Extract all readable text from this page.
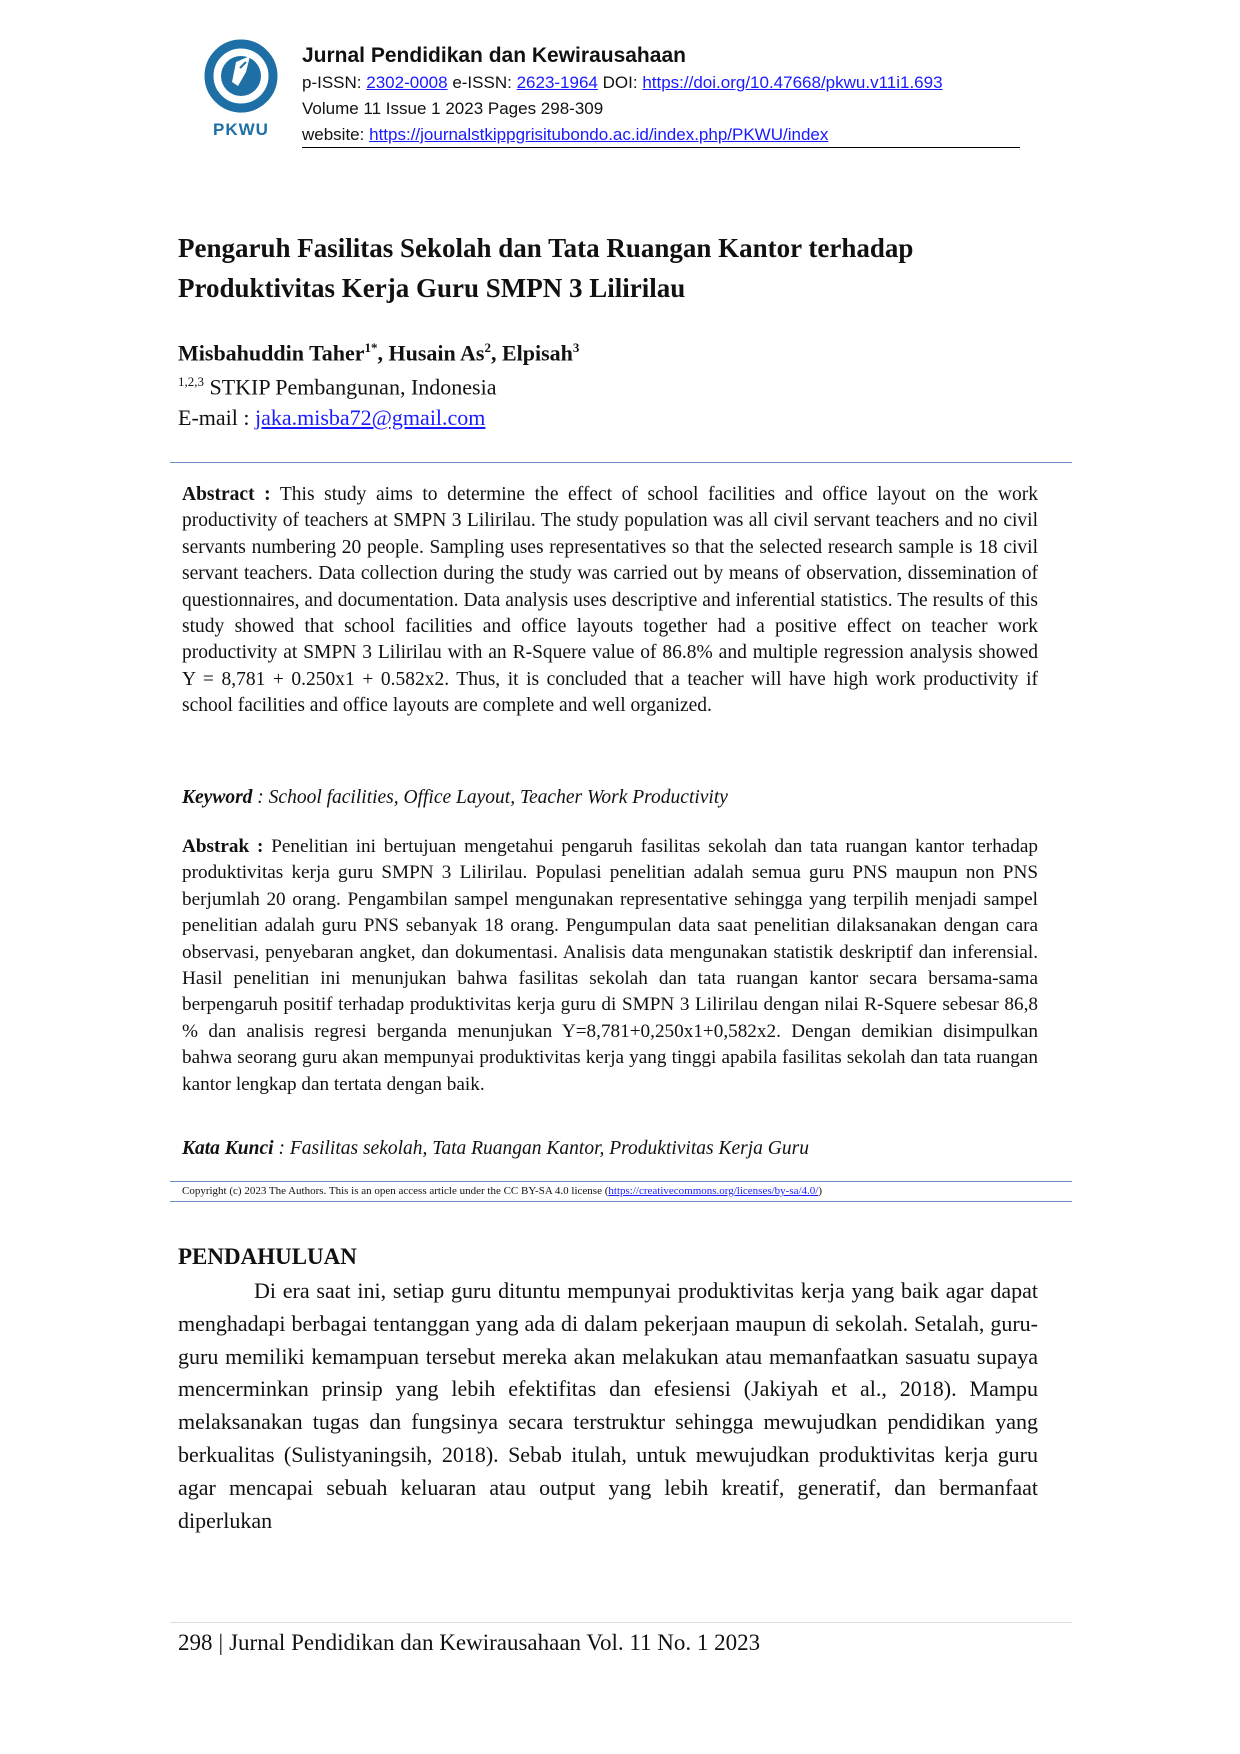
PKWU
Jurnal Pendidikan dan Kewirausahaan
p-ISSN: 2302-0008 e-ISSN: 2623-1964 DOI: https://doi.org/10.47668/pkwu.v11i1.693
Volume 11 Issue 1 2023 Pages 298-309
website: https://journalstkippgrisitubondo.ac.id/index.php/PKWU/index
Pengaruh Fasilitas Sekolah dan Tata Ruangan Kantor terhadap
Produktivitas Kerja Guru SMPN 3 Lilirilau
Misbahuddin Taher$^{1*}$, Husain As$^2$, Elpisah$^3$
$^{1,2,3}$ STKIP Pembangunan, Indonesia
E-mail : jaka.misba72@gmail.com
Abstract : This study aims to determine the effect of school facilities and office layout on the work productivity of teachers at SMPN 3 Lilirilau. The study population was all civil servant teachers and no civil servants numbering 20 people. Sampling uses representatives so that the selected research sample is 18 civil servant teachers. Data collection during the study was carried out by means of observation, dissemination of questionnaires, and documentation. Data analysis uses descriptive and inferential statistics. The results of this study showed that school facilities and office layouts together had a positive effect on teacher work productivity at SMPN 3 Lilirilau with an R-Squere value of 86.8% and multiple regression analysis showed Y = 8,781 + 0.250x1 + 0.582x2. Thus, it is concluded that a teacher will have high work productivity if school facilities and office layouts are complete and well organized.
Keyword : School facilities, Office Layout, Teacher Work Productivity
Abstrak : Penelitian ini bertujuan mengetahui pengaruh fasilitas sekolah dan tata ruangan kantor terhadap produktivitas kerja guru SMPN 3 Lilirilau. Populasi penelitian adalah semua guru PNS maupun non PNS berjumlah 20 orang. Pengambilan sampel mengunakan representative sehingga yang terpilih menjadi sampel penelitian adalah guru PNS sebanyak 18 orang. Pengumpulan data saat penelitian dilaksanakan dengan cara observasi, penyebaran angket, dan dokumentasi. Analisis data mengunakan statistik deskriptif dan inferensial. Hasil penelitian ini menunjukan bahwa fasilitas sekolah dan tata ruangan kantor secara bersama-sama berpengaruh positif terhadap produktivitas kerja guru di SMPN 3 Lilirilau dengan nilai R-Squere sebesar 86,8 % dan analisis regresi berganda menunjukan Y=8,781+0,250x1+0,582x2. Dengan demikian disimpulkan bahwa seorang guru akan mempunyai produktivitas kerja yang tinggi apabila fasilitas sekolah dan tata ruangan kantor lengkap dan tertata dengan baik.
Kata Kunci : Fasilitas sekolah, Tata Ruangan Kantor, Produktivitas Kerja Guru
Copyright (c) 2023 The Authors. This is an open access article under the CC BY-SA 4.0 license (https://creativecommons.org/licenses/by-sa/4.0/)
PENDAHULUAN

Di era saat ini, setiap guru dituntu mempunyai produktivitas kerja yang baik agar dapat menghadapi berbagai tentanggan yang ada di dalam pekerjaan maupun di sekolah. Setalah, guru-guru memiliki kemampuan tersebut mereka akan melakukan atau memanfaatkan sasuatu supaya mencerminkan prinsip yang lebih efektifitas dan efesiensi (Jakiyah et al., 2018). Mampu melaksanakan tugas dan fungsinya secara terstruktur sehingga mewujudkan pendidikan yang berkualitas (Sulistyaningsih, 2018). Sebab itulah, untuk mewujudkan produktivitas kerja guru agar mencapai sebuah keluaran atau output yang lebih kreatif, generatif, dan bermanfaat diperlukan

298 | Jurnal Pendidikan dan Kewirausahaan Vol. 11 No. 1 2023
